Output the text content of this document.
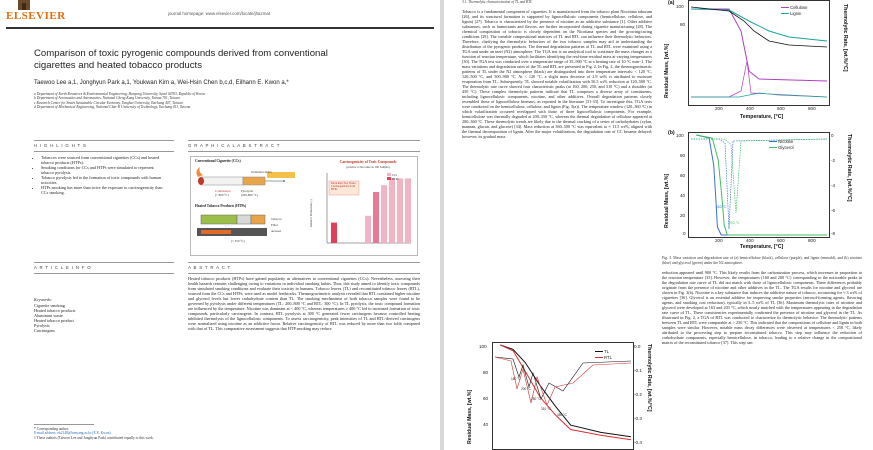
ELSEVIER	journal homepage: www.elsevier.com/locate/jhazmat
Comparison of toxic pyrogenic compounds derived from conventional
cigarettes and heated tobacco products
Taewoo Lee a,1, Jonghyun Park a,1, Youkwan Kim a, Wei-Hsin Chen b,c,d, Eilhann E. Kwon a,*
a Department of Earth Resources & Environmental Engineering, Hanyang University, Seoul 04763, Republic of Korea
b Department of Aeronautics and Astronautics, National Cheng Kung University, Tainan 701, Taiwan
c Research Center for Smart Sustainable Circular Economy, Tunghai University, Taichung 407, Taiwan
d Department of Mechanical Engineering, National Chin-Yi University of Technology, Taichung 411, Taiwan
H I G H L I G H T S
• Tobaccos were sourced from conventional cigarettes (CCs) and heated tobacco products (HTPs).
• Smoking conditions for CCs and HTPs were simulated to represent tobacco pyrolysis.
• Tobacco pyrolysis led to the formation of toxic compounds with human toxicities.
• HTPs smoking has more than twice the exposure to carcinogenicity than CCs smoking.
G R A P H I C A L A B S T R A C T
Conventional Cigarette (CCs)
Oxidation Index
Combustion
(> 800 °C)
Pyrolysis
(200-800 °C)
Heated Tobacco Products (HTPs)
Tobacco
Filter
Aerosol
(< 350 °C)
Carcinogenicity of Toxic Compounds
(relative to Nicotine as 100 Sample)
Relative Production (-)
More than Two Times Carcinogenicity from HTPs
CCs
HTPs
A R T I C L E I N F O
Keywords:
Cigarette smoking
Heated tobacco products
Aluminum waste
Heated tobacco product
Pyrolysis
Carcinogens
A B S T R A C T
Heated tobacco products (HTPs) have gained popularity as alternatives to conventional cigarettes (CCs). Nevertheless, assessing their health hazards remains challenging owing to variations in individual smoking habits. Thus, this study aimed to identify toxic compounds from simulated smoking conditions and evaluate their toxicity in humans. Tobacco leaves (TL) and reconstituted tobacco leaves (RTL), sourced from the CCs and HTPs, were used as model feedstocks. Thermogravimetric analysis revealed that RTL contained higher nicotine and glycerol levels but lower carbohydrate content than TL. The smoking mechanisms of both tobacco samples were found to be governed by pyrolysis under different temperatures (TL: 200–800 °C and RTL: 300 °C). In TL pyrolysis, the toxic compound formation are influenced by the temperature. Nicotine was dominant at < 400 °C, whereas temperatures ≥ 400 °C led to increased formation of toxic compounds, particularly carcinogens. In contrast, RTL pyrolysis at 300 °C generated fewer carcinogens because controlled heating inhibited thermolysis of the lignocellulosic components. To assess carcinogenicity, peak intensities of TL and RTL-derived carcinogens were normalized using nicotine as an addictive factor. Relative carcinogenicity of RTL was reduced by more than two folds compared with that of TL. This comparative assessment suggests that HTP smoking may reduce
* Corresponding author.
E-mail address: ek2148@hanyang.ac.kr (E.E. Kwon).
1 These authors (Taewoo Lee and Jonghyun Park) contributed equally to this work.
3.1. Thermolytic characterization of TL and RTL
Tobacco is a fundamental component of cigarettes. It is manufactured from the tobacco plant Nicotiana tabacum [26], and its structural formation is supported by lignocellulosic components (hemicellulose, cellulose, and lignin) [27]. Tobacco is characterized by the presence of nicotine as an addictive substance [1]. Other additive substances, such as humectants and flavors, are further incorporated during cigarette manufacturing [28]. The chemical composition of tobacco is closely dependent on the Nicotiana species and the growing/curing conditions [29]. The variable compositional matrices of TL and RTL can influence their thermolytic behaviors. Therefore, clarifying the thermolytic behaviors of the two tobacco samples may aid in understanding the distribution of the pyrogenic products. The thermal degradation patterns of TL and RTL were examined using a TGA unit under an inert (N2) atmosphere. The TGA test is an analytical tool to scrutinize the mass changes as a function of reaction temperature, which facilitates identifying the real-time residual mass at varying temperatures [30]. The TGA test was conducted over a temperature range of 35–900 °C at a heating rate of 10 °C min−1. The mass variations and degradation rates of the TL and RTL are presented in Fig. 2. In Fig. 2, the thermogravimetric patterns of TL under the N2 atmosphere (black) are distinguished into three temperature intervals: < 120 °C, 120–500 °C, and 500–900 °C. At < 120 °C, a slight mass decrease of 2.9 wt% is attributed to moisture evaporation from TL. Subsequently, TL showed notable volatilization with 56.5 wt% reduction at 120–500 °C. The thermolytic rate curve showed four characteristic peaks (at 160, 200, 250, and 310 °C) and a shoulder (at 450 °C). These complex thermolytic patterns indicate that TL comprises a diverse array of constituents, including lignocellulosic components, nicotine, and other additives. Overall degradation patterns closely resembled those of lignocellulose biomass, as reported in the literature [31-33]. To investigate this, TGA tests were conducted on the hemicellulose, cellulose, and lignin (Fig. 3(a)). The temperature window (120–360 °C) in which volatilization occurred overlapped with those of three lignocellulosic components. For example, hemicellulose was thermally degraded at 200–350 °C, whereas the thermal degradation of cellulose appeared at 200–360 °C. These thermolytic trends are likely due to the thermal cracking of a series of carbohydrates (xylan, mannan, glucan, and glucose) [34]. Mass reduction at 360–500 °C was equivalent to ≈ 11.5 wt%, aligned with the thermal decomposition of lignin. After the major volatilization, the degradation rate of CC became delayed; however, its gradual mass
Cellulose
Lignin
100
80
Residual Mass, [wt.%]	Thermolytic Rate, [wt.%/°C]
200	400	600	800
Temperature, [°C]
(a)
Nicotine
Glycerol
163 °C
203 °C
100
80
60
40
20
0
0
-2
-4
-6
-8
Residual Mass, [wt.%]	Thermolytic Rate, [wt.%/°C]
200	400	600	800
Temperature, [°C]
(b)
Fig. 3. Mass variation and degradation rate of (a) hemicellulose (black), cellulose (purple), and lignin (emerald), and (b) nicotine (blue) and glycerol (green) under the N2 atmosphere.
reduction appeared until 900 °C. This likely results from the carbonization process, which increases in proportion to the reaction temperature [35]. However, the temperatures (160 and 200 °C) corresponding to the noticeable peaks in the degradation rate curve of TL did not match with those of lignocellulosic components. These differences probably originate from the presence of nicotine and other additives in the TL. The TGA results for nicotine and glycerol are shown in Fig. 3(b). Nicotine is a key substance that induces the addictive nature of tobacco, accounting for ≈ 3 wt% of cigarettes [36]. Glycerol is an essential additive for improving smoke properties (aerosol-forming agents, flavoring agents, and smoking cost reduction), typically in 3–5 wt% of TL [36]. Maximum thermolytic rates of nicotine and glycerol were developed at 163 and 203 °C, which nearly matched with the temperatures appearing in the degradation rate curve of TL. These consistencies experimentally confirmed the presence of nicotine and glycerol in the TL. As illustrated in Fig. 2, a TGA of RTL was conducted to characterize its thermolytic behavior. The thermolytic patterns between TL and RTL were comparable at > 250 °C. This indicated that the compositions of cellulose and lignin in both samples were similar. However, notable mass decay differences were observed at temperatures < 250 °C, likely attributed to the processing step to prepare reconstituted tobacco. This step may influence the reduction of carbohydrate components, especially hemicellulose, in tobacco, leading to a relative change in the compositional matrix of the reconstituted tobacco [37]. This step can
TL
RTL
160 °C
200 °C
250 °C
310 °C
450 °C
100
80
60
40
0.0
-0.1
-0.2
-0.3
-0.4
Residual Mass, [wt.%]
Thermolytic Rate, [wt.%/°C]
